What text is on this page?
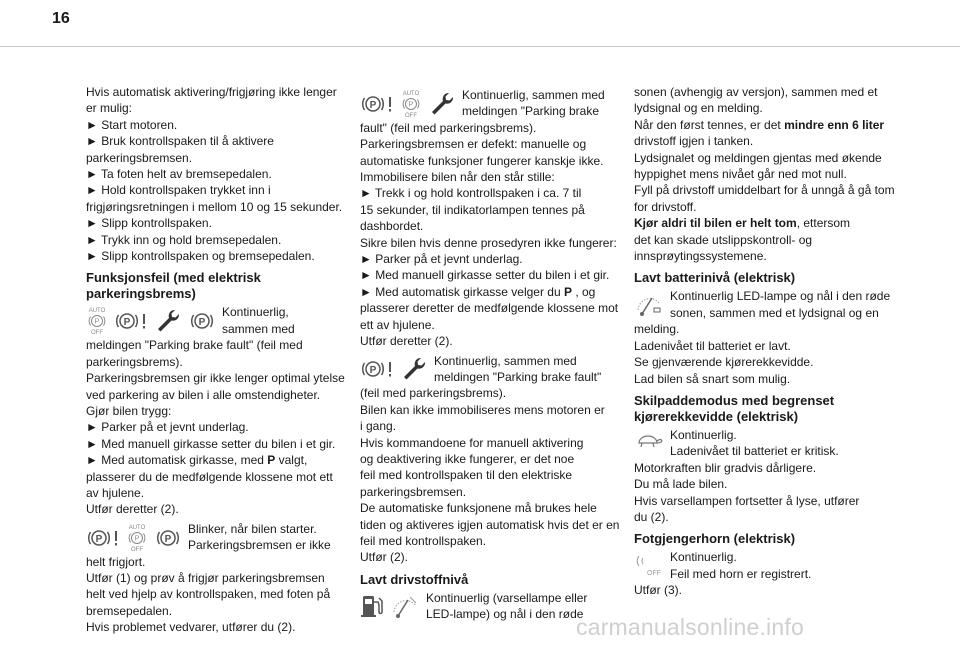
16

Hvis automatisk aktivering/frigjøring ikke lenger

er mulig:

► Start motoren.

► Bruk kontrollspaken til å aktivere

parkeringsbremsen.

► Ta foten helt av bremsepedalen.

► Hold kontrollspaken trykket inn i

frigjøringsretningen i mellom 10 og 15 sekunder.

► Slipp kontrollspaken.

► Trykk inn og hold bremsepedalen.

► Slipp kontrollspaken og bremsepedalen.

Funksjonsfeil (med elektrisk
parkeringsbrems)
AUTO
P
OFF
P	P

Kontinuerlig,

sammen med

meldingen "Parking brake fault" (feil med

parkeringsbrems).

Parkeringsbremsen gir ikke lenger optimal ytelse

ved parkering av bilen i alle omstendigheter.

Gjør bilen trygg:

► Parker på et jevnt underlag.

► Med manuell girkasse setter du bilen i et gir.

► Med automatisk girkasse, med P valgt,

plasserer du de medfølgende klossene mot ett

av hjulene.

Utfør deretter (2).

P
AUTO
P
OFF
P

Blinker, når bilen starter.

Parkeringsbremsen er ikke

helt frigjort.

Utfør (1) og prøv å frigjør parkeringsbremsen

helt ved hjelp av kontrollspaken, med foten på

bremsepedalen.

Hvis problemet vedvarer, utfører du (2).

P
AUTO
P
OFF

Kontinuerlig, sammen med

meldingen "Parking brake

fault" (feil med parkeringsbrems).

Parkeringsbremsen er defekt: manuelle og

automatiske funksjoner fungerer kanskje ikke.

Immobilisere bilen når den står stille:

► Trekk i og hold kontrollspaken i ca. 7 til

15 sekunder, til indikatorlampen tennes på

dashbordet.

Sikre bilen hvis denne prosedyren ikke fungerer:

► Parker på et jevnt underlag.

► Med manuell girkasse setter du bilen i et gir.

► Med automatisk girkasse velger du P , og

plasserer deretter de medfølgende klossene mot

ett av hjulene.

Utfør deretter (2).

P

Kontinuerlig, sammen med

meldingen "Parking brake fault"

(feil med parkeringsbrems).

Bilen kan ikke immobiliseres mens motoren er

i gang.

Hvis kommandoene for manuell aktivering

og deaktivering ikke fungerer, er det noe

feil med kontrollspaken til den elektriske

parkeringsbremsen.

De automatiske funksjonene må brukes hele

tiden og aktiveres igjen automatisk hvis det er en

feil med kontrollspaken.

Utfør (2).

Lavt drivstoffnivå

Kontinuerlig (varsellampe eller

LED-lampe) og nål i den røde

sonen (avhengig av versjon), sammen med et

lydsignal og en melding.

Når den først tennes, er det mindre enn 6 liter

drivstoff igjen i tanken.

Lydsignalet og meldingen gjentas med økende

hyppighet mens nivået går ned mot null.

Fyll på drivstoff umiddelbart for å unngå å gå tom

for drivstoff.

Kjør aldri til bilen er helt tom, ettersom

det kan skade utslippskontroll- og

innsprøytingssystemene.

Lavt batterinivå (elektrisk)

Kontinuerlig LED-lampe og nål i den røde

sonen, sammen med et lydsignal og en

melding.

Ladenivået til batteriet er lavt.

Se gjenværende kjørerekkevidde.

Lad bilen så snart som mulig.

Skilpaddemodus med begrenset
kjørerekkevidde (elektrisk)

Kontinuerlig.

Ladenivået til batteriet er kritisk.

Motorkraften blir gradvis dårligere.

Du må lade bilen.

Hvis varsellampen fortsetter å lyse, utfører

du (2).

Fotgjengerhorn (elektrisk)
OFF

Kontinuerlig.

Feil med horn er registrert.

Utfør (3).

carmanualsonline.info
